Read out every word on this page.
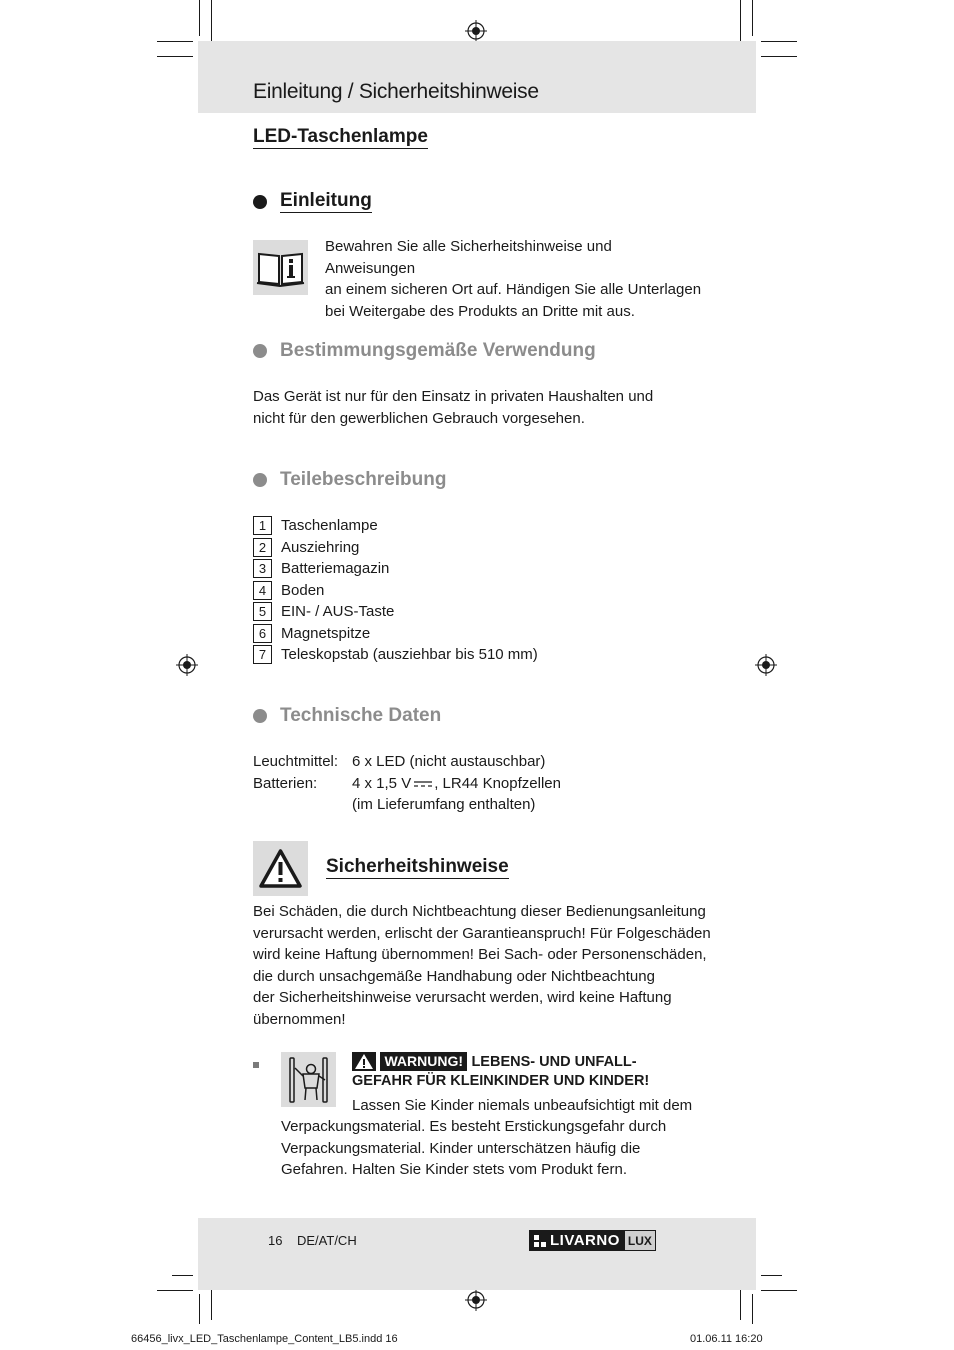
Einleitung / Sicherheitshinweise
LED-Taschenlampe
Einleitung
Bewahren Sie alle Sicherheitshinweise und Anweisungen
an einem sicheren Ort auf. Händigen Sie alle Unterlagen
bei Weitergabe des Produkts an Dritte mit aus.
Bestimmungsgemäße Verwendung
Das Gerät ist nur für den Einsatz in privaten Haushalten und
nicht für den gewerblichen Gebrauch vorgesehen.
Teilebeschreibung
1 Taschenlampe
2 Ausziehring
3 Batteriemagazin
4 Boden
5 EIN- / AUS-Taste
6 Magnetspitze
7 Teleskopstab (ausziehbar bis 510 mm)
Technische Daten
Leuchtmittel: 6 x LED (nicht austauschbar)
Batterien: 4 x 1,5 V , LR44 Knopfzellen
(im Lieferumfang enthalten)
Sicherheitshinweise
Bei Schäden, die durch Nichtbeachtung dieser Bedienungsanleitung
verursacht werden, erlischt der Garantieanspruch! Für Folgeschäden
wird keine Haftung übernommen! Bei Sach- oder Personenschäden,
die durch unsachgemäße Handhabung oder Nichtbeachtung
der Sicherheitshinweise verursacht werden, wird keine Haftung
übernommen!
WARNUNG! LEBENS- UND UNFALL-
GEFAHR FÜR KLEINKINDER UND KINDER!
Lassen Sie Kinder niemals unbeaufsichtigt mit dem
Verpackungsmaterial. Es besteht Erstickungsgefahr durch
Verpackungsmaterial. Kinder unterschätzen häufig die
Gefahren. Halten Sie Kinder stets vom Produkt fern.
16 DE/AT/CH	LIVARNO LUX
66456_livx_LED_Taschenlampe_Content_LB5.indd 16	01.06.11 16:20
